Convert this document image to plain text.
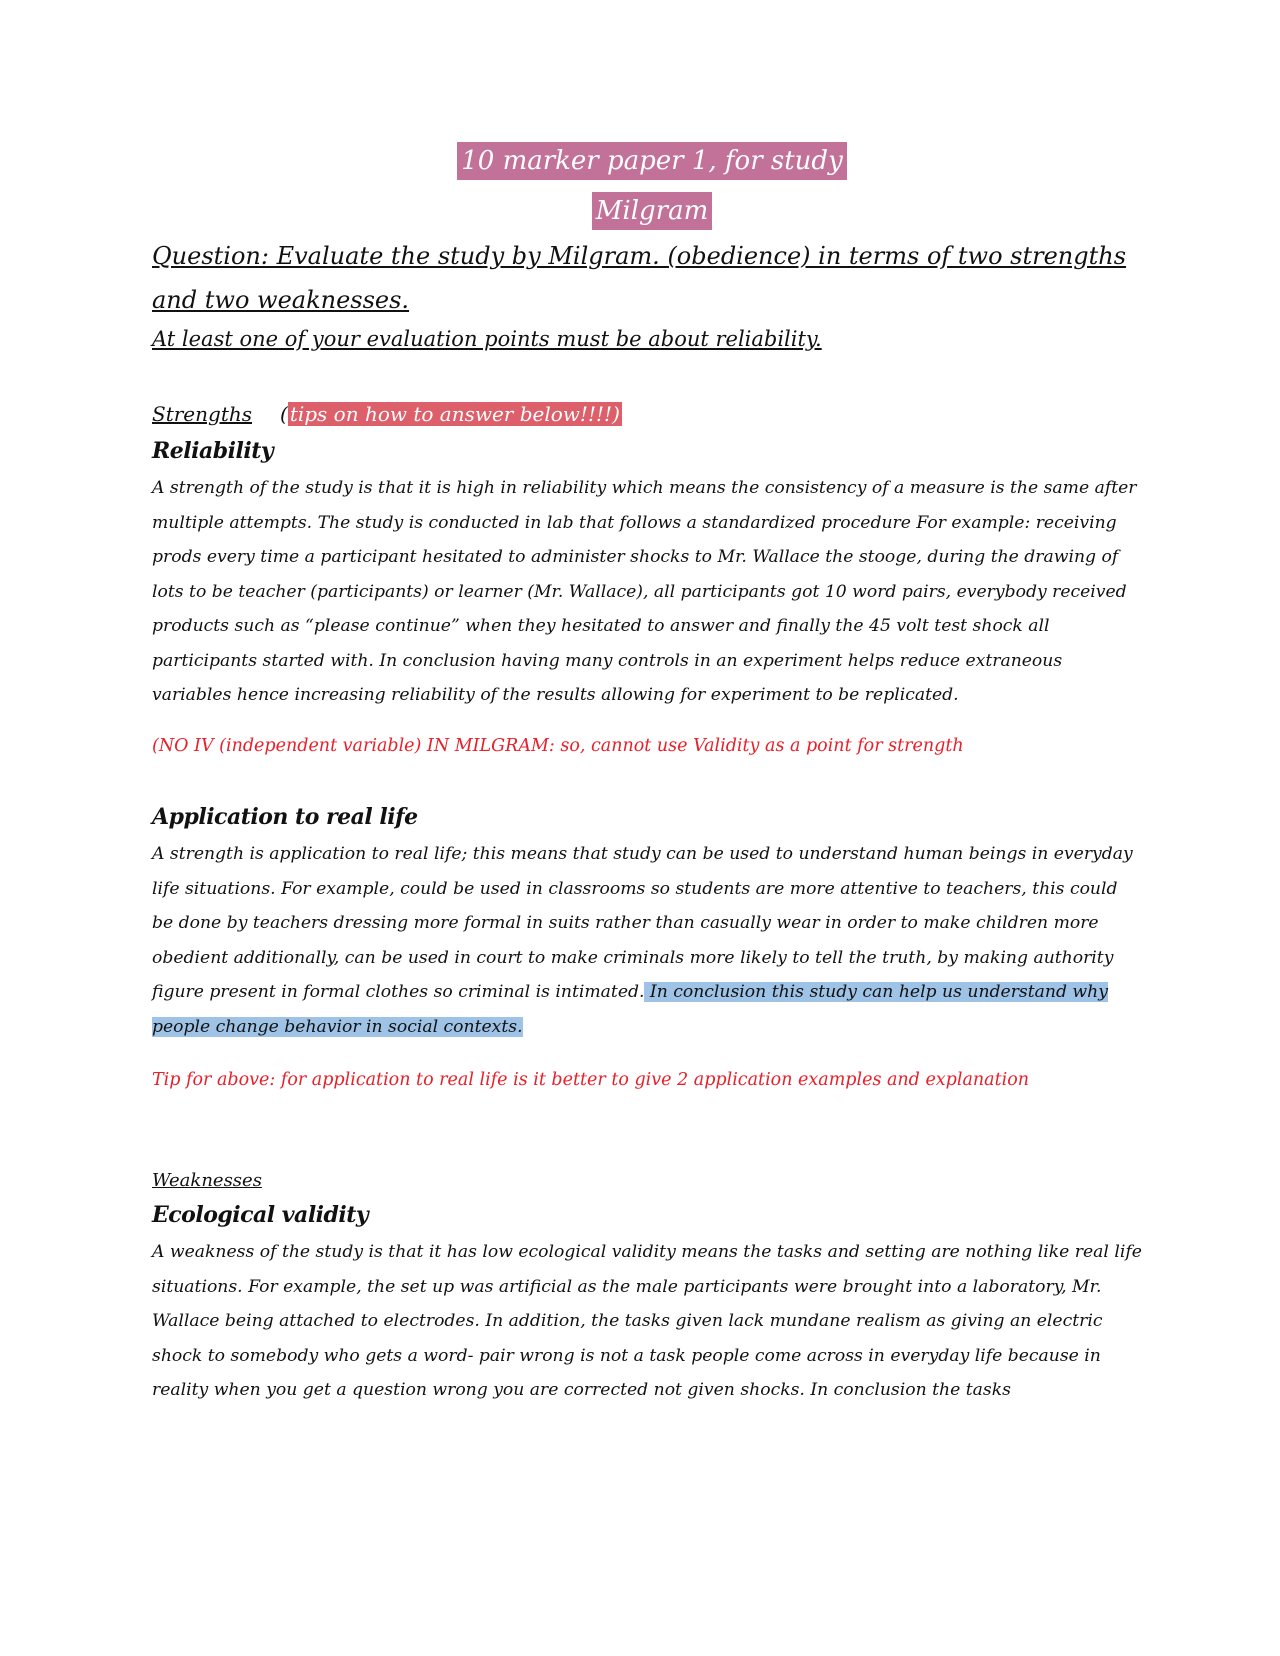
10 marker paper 1, for study
Milgram
Question: Evaluate the study by Milgram. (obedience) in terms of two strengths
and two weaknesses.
At least one of your evaluation points must be about reliability.
Strengths ( tips on how to answer below!!!!)
Reliability
A strength of the study is that it is high in reliability which means the consistency of a measure is the same after multiple attempts. The study is conducted in lab that follows a standardized procedure For example: receiving prods every time a participant hesitated to administer shocks to Mr. Wallace the stooge, during the drawing of lots to be teacher (participants) or learner (Mr. Wallace), all participants got 10 word pairs, everybody received products such as “please continue” when they hesitated to answer and finally the 45 volt test shock all participants started with. In conclusion having many controls in an experiment helps reduce extraneous variables hence increasing reliability of the results allowing for experiment to be replicated.
(NO IV (independent variable) IN MILGRAM: so, cannot use Validity as a point for strength
Application to real life
A strength is application to real life; this means that study can be used to understand human beings in everyday life situations. For example, could be used in classrooms so students are more attentive to teachers, this could be done by teachers dressing more formal in suits rather than casually wear in order to make children more obedient additionally, can be used in court to make criminals more likely to tell the truth, by making authority figure present in formal clothes so criminal is intimated. In conclusion this study can help us understand why people change behavior in social contexts.
Tip for above: for application to real life is it better to give 2 application examples and explanation
Weaknesses
Ecological validity
A weakness of the study is that it has low ecological validity means the tasks and setting are nothing like real life situations. For example, the set up was artificial as the male participants were brought into a laboratory, Mr. Wallace being attached to electrodes. In addition, the tasks given lack mundane realism as giving an electric shock to somebody who gets a word- pair wrong is not a task people come across in everyday life because in reality when you get a question wrong you are corrected not given shocks. In conclusion the tasks
